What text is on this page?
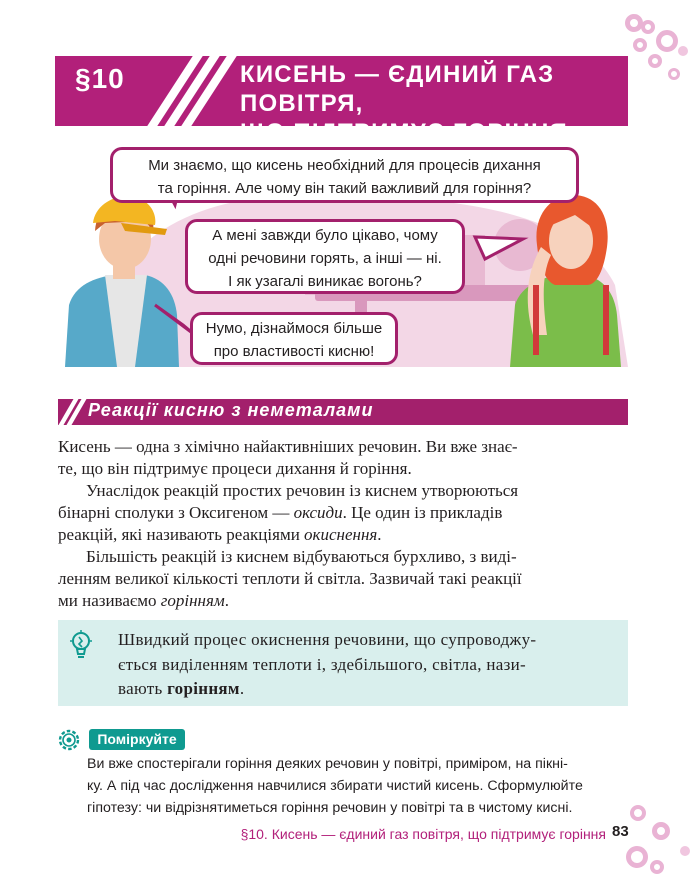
§10	КИСЕНЬ — ЄДИНИЙ ГАЗ ПОВІТРЯ,
ЩО ПІДТРИМУЄ ГОРІННЯ
Ми знаємо, що кисень необхідний для процесів дихання
та горіння. Але чому він такий важливий для горіння?
А мені завжди було цікаво, чому
одні речовини горять, а інші — ні.
І як узагалі виникає вогонь?
Нумо, дізнаймося більше
про властивості кисню!
Реакції кисню з неметалами

Кисень — одна з хімічно найактивніших речовин. Ви вже знає-
те, що він підтримує процеси дихання й горіння.

Унаслідок реакцій простих речовин із киснем утворюються
бінарні сполуки з Оксигеном — оксиди. Це один із прикладів
реакцій, які називають реакціями окиснення.

Більшість реакцій із киснем відбуваються бурхливо, з виді-
ленням великої кількості теплоти й світла. Зазвичай такі реакції
ми називаємо горінням.

Швидкий процес окиснення речовини, що супроводжу-
ється виділенням теплоти і, здебільшого, світла, нази-
вають горінням.
Поміркуйте
Ви вже спостерігали горіння деяких речовин у повітрі, приміром, на пікні-
ку. А під час дослідження навчилися збирати чистий кисень. Сформулюйте
гіпотезу: чи відрізнятиметься горіння речовин у повітрі та в чистому кисні.
§10. Кисень — єдиний газ повітря, що підтримує горіння 83
